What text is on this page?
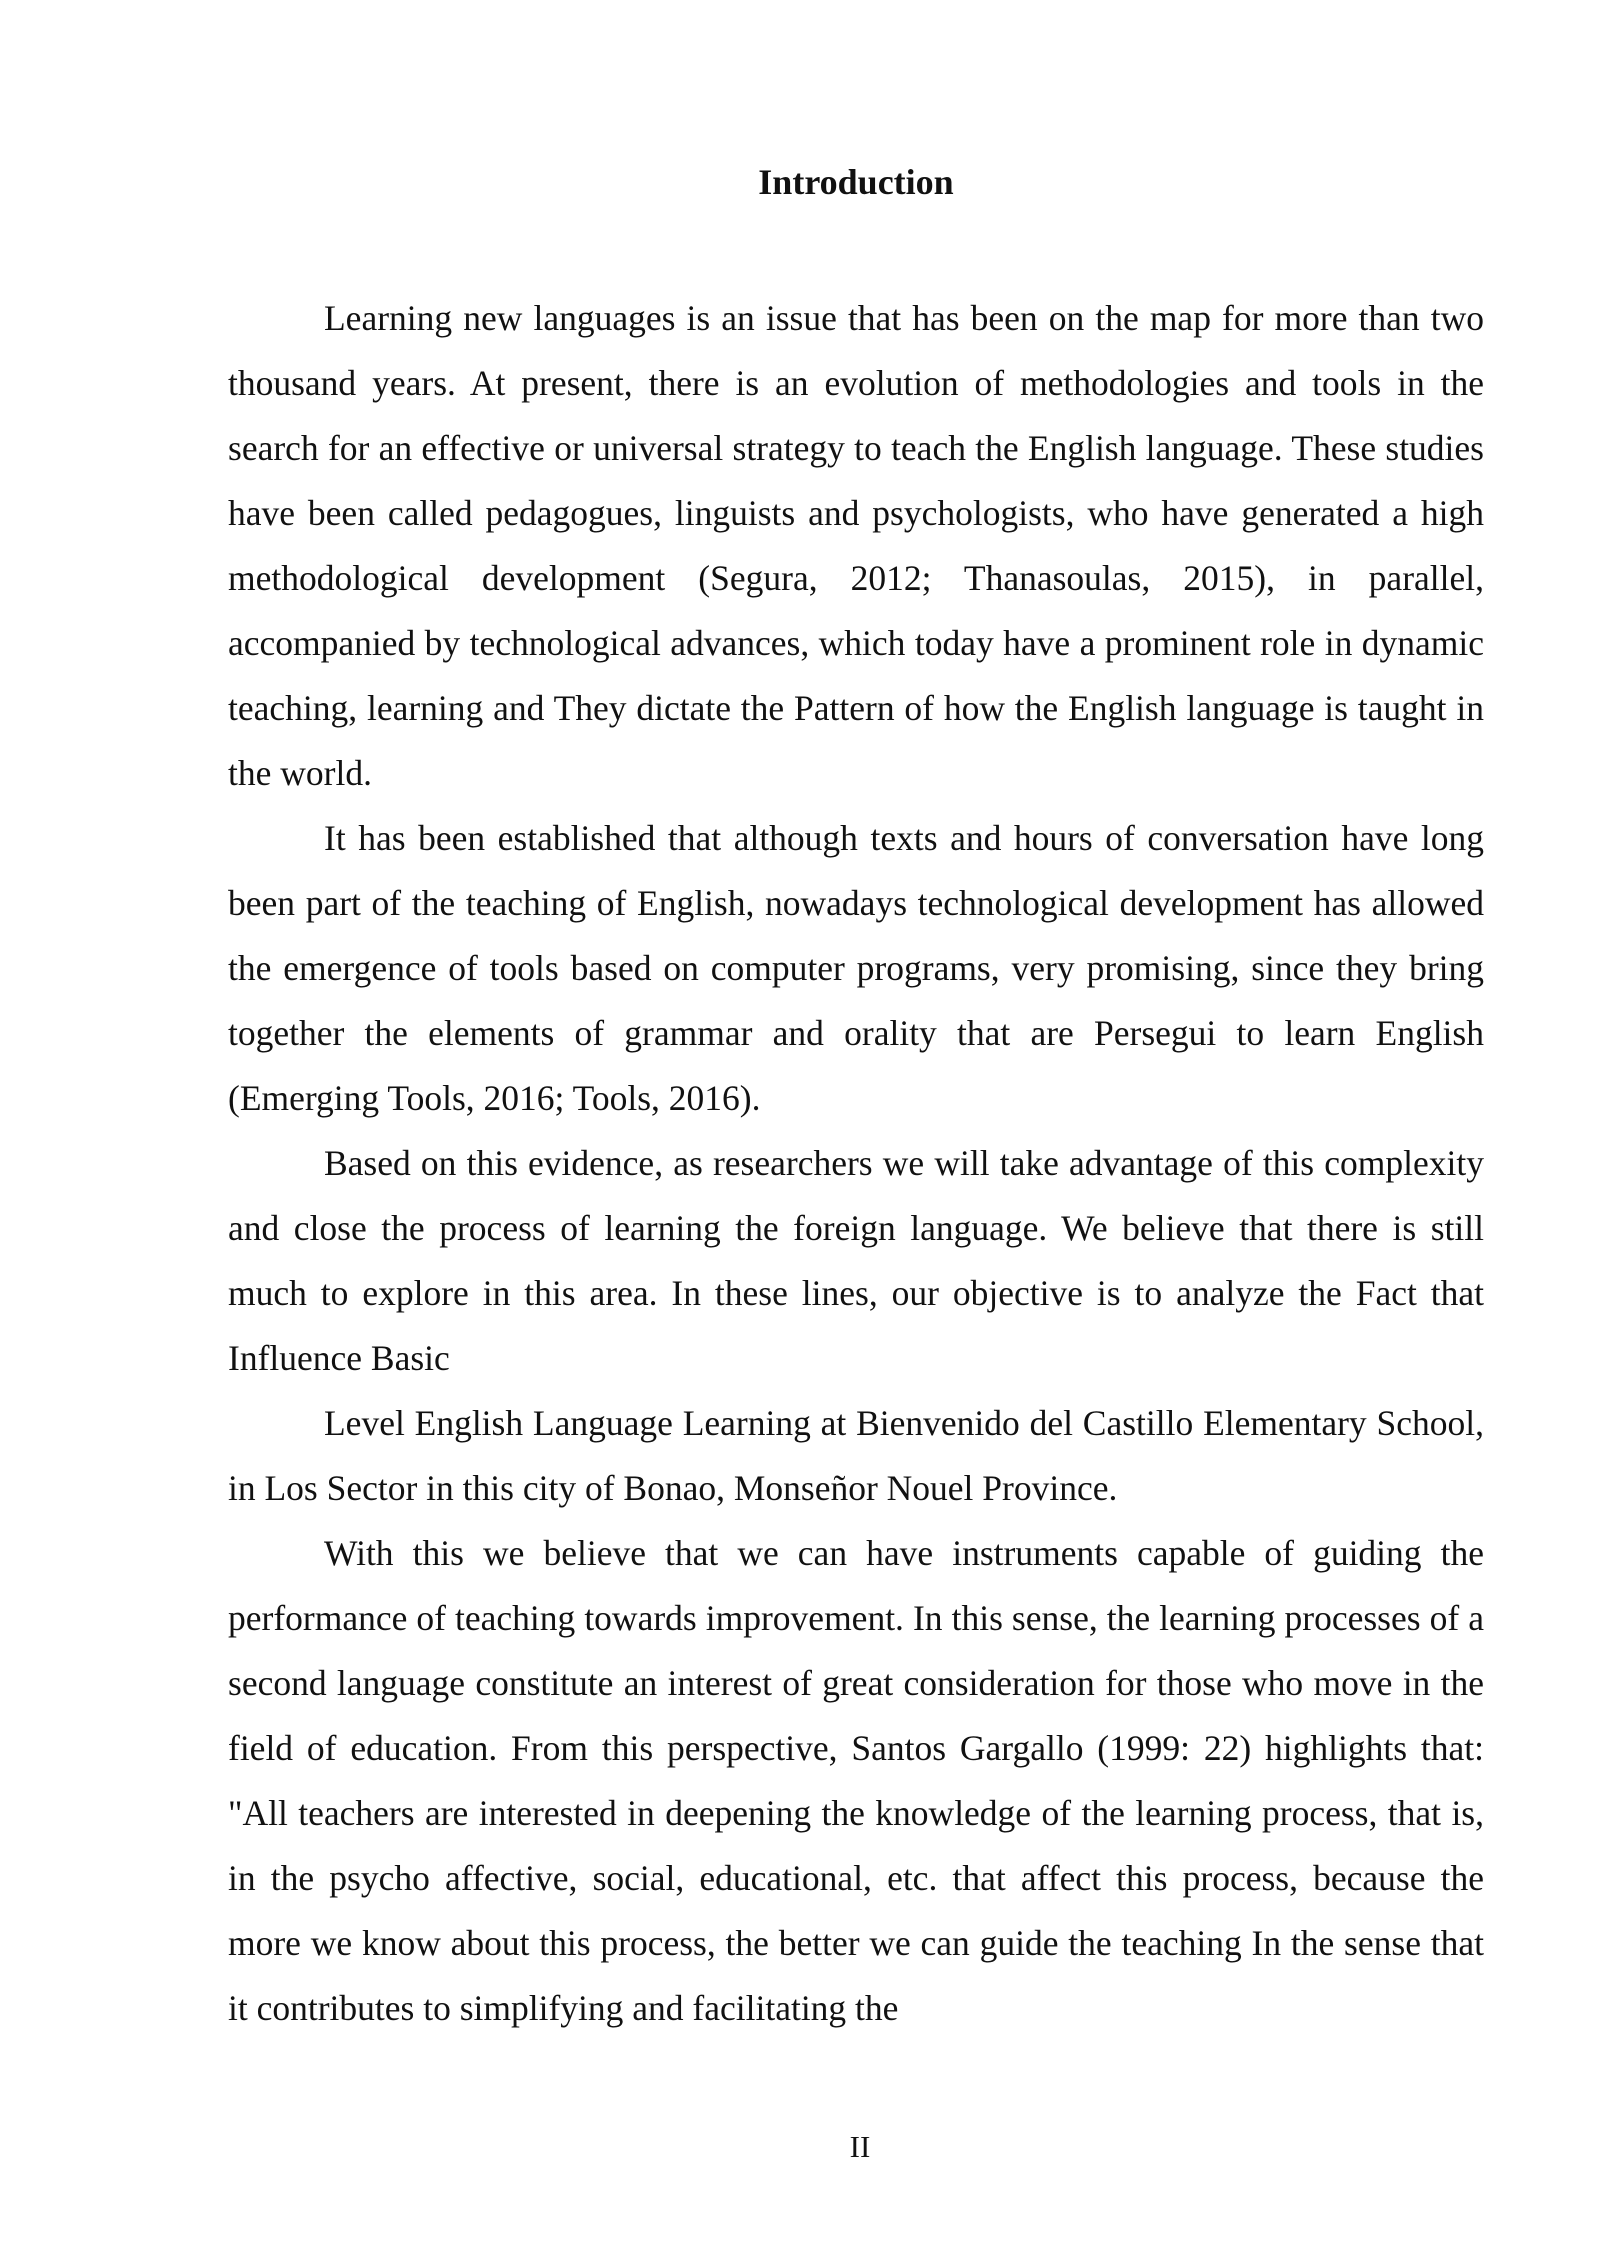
Introduction

Learning new languages is an issue that has been on the map for more than two thousand years. At present, there is an evolution of methodologies and tools in the search for an effective or universal strategy to teach the English language. These studies have been called pedagogues, linguists and psychologists, who have generated a high methodological development (Segura, 2012; Thanasoulas, 2015), in parallel, accompanied by technological advances, which today have a prominent role in dynamic teaching, learning and They dictate the Pattern of how the English language is taught in the world.

It has been established that although texts and hours of conversation have long been part of the teaching of English, nowadays technological development has allowed the emergence of tools based on computer programs, very promising, since they bring together the elements of grammar and orality that are Persegui to learn English (Emerging Tools, 2016; Tools, 2016).

Based on this evidence, as researchers we will take advantage of this complexity and close the process of learning the foreign language. We believe that there is still much to explore in this area. In these lines, our objective is to analyze the Fact that Influence Basic

Level English Language Learning at Bienvenido del Castillo Elementary School, in Los Sector in this city of Bonao, Monseñor Nouel Province.

With this we believe that we can have instruments capable of guiding the performance of teaching towards improvement. In this sense, the learning processes of a second language constitute an interest of great consideration for those who move in the field of education. From this perspective, Santos Gargallo (1999: 22) highlights that: "All teachers are interested in deepening the knowledge of the learning process, that is, in the psycho affective, social, educational, etc. that affect this process, because the more we know about this process, the better we can guide the teaching In the sense that it contributes to simplifying and facilitating the

II
